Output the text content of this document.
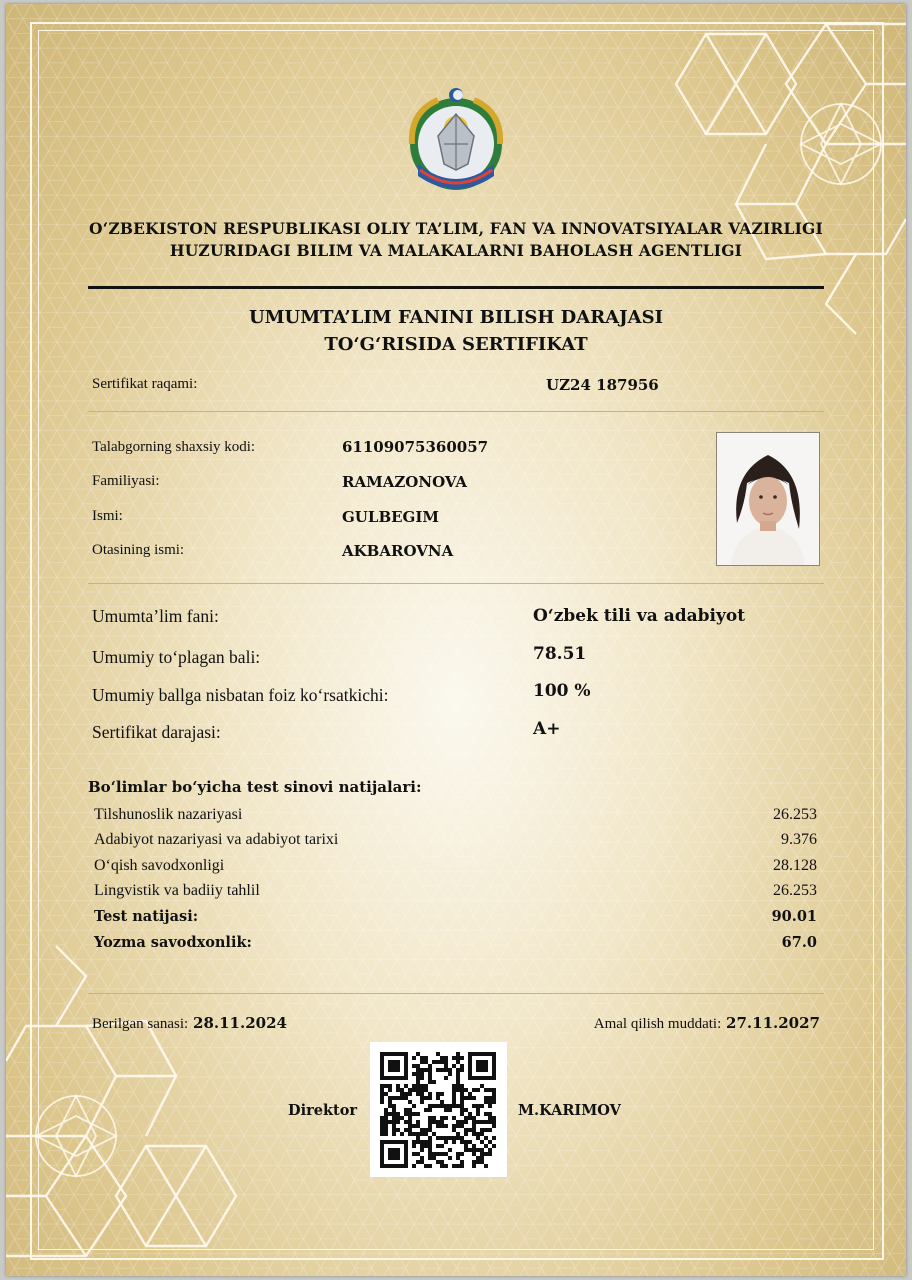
O‘ZBEKISTON RESPUBLIKASI OLIY TA’LIM, FAN VA INNOVATSIYALAR VAZIRLIGI
HUZURIDAGI BILIM VA MALAKALARNI BAHOLASH AGENTLIGI
UMUMTA’LIM FANINI BILISH DARAJASI
TO‘G‘RISIDA SERTIFIKAT
Sertifikat raqami:	UZ24 187956
Talabgorning shaxsiy kodi:	61109075360057
Familiyasi:	RAMAZONOVA
Ismi:	GULBEGIM
Otasining ismi:	AKBAROVNA
Umumta’lim fani:	O‘zbek tili va adabiyot
Umumiy to‘plagan bali:	78.51
Umumiy ballga nisbatan foiz ko‘rsatkichi:	100 %
Sertifikat darajasi:	A+
Bo‘limlar bo‘yicha test sinovi natijalari:
Tilshunoslik nazariyasi	26.253
Adabiyot nazariyasi va adabiyot tarixi	9.376
O‘qish savodxonligi	28.128
Lingvistik va badiiy tahlil	26.253
Test natijasi:	90.01
Yozma savodxonlik:	67.0
Berilgan sanasi: 28.11.2024	Amal qilish muddati: 27.11.2027
Direktor	M.KARIMOV
